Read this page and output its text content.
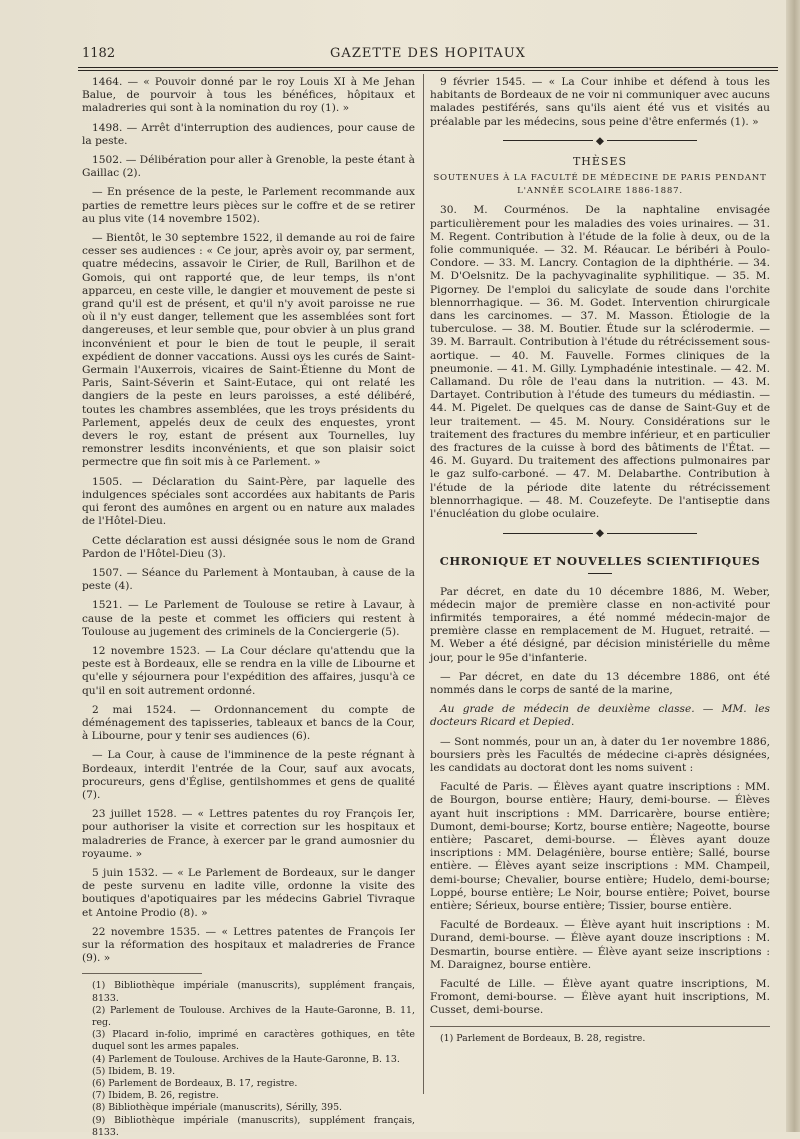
1182	GAZETTE DES HOPITAUX

1464. — « Pouvoir donné par le roy Louis XI à Me Jehan Balue, de pourvoir à tous les bénéfices, hôpitaux et maladreries qui sont à la nomination du roy (1). »

1498. — Arrêt d'interruption des audiences, pour cause de la peste.

1502. — Délibération pour aller à Grenoble, la peste étant à Gaillac (2).

— En présence de la peste, le Parlement recommande aux parties de remettre leurs pièces sur le coffre et de se retirer au plus vite (14 novembre 1502).

— Bientôt, le 30 septembre 1522, il demande au roi de faire cesser ses audiences : « Ce jour, après avoir oy, par serment, quatre médecins, assavoir le Cirier, de Rull, Barilhon et de Gomois, qui ont rapporté que, de leur temps, ils n'ont apparceu, en ceste ville, le dangier et mouvement de peste si grand qu'il est de présent, et qu'il n'y avoit paroisse ne rue où il n'y eust danger, tellement que les assemblées sont fort dangereuses, et leur semble que, pour obvier à un plus grand inconvénient et pour le bien de tout le peuple, il serait expédient de donner vaccations. Aussi oys les curés de Saint-Germain l'Auxerrois, vicaires de Saint-Étienne du Mont de Paris, Saint-Séverin et Saint-Eutace, qui ont relaté les dangiers de la peste en leurs paroisses, a esté délibéré, toutes les chambres assemblées, que les troys présidents du Parlement, appelés deux de ceulx des enquestes, yront devers le roy, estant de présent aux Tournelles, luy remonstrer lesdits inconvénients, et que son plaisir soict permectre que fin soit mis à ce Parlement. »

1505. — Déclaration du Saint-Père, par laquelle des indulgences spéciales sont accordées aux habitants de Paris qui feront des aumônes en argent ou en nature aux malades de l'Hôtel-Dieu.

Cette déclaration est aussi désignée sous le nom de Grand Pardon de l'Hôtel-Dieu (3).

1507. — Séance du Parlement à Montauban, à cause de la peste (4).

1521. — Le Parlement de Toulouse se retire à Lavaur, à cause de la peste et commet les officiers qui restent à Toulouse au jugement des criminels de la Conciergerie (5).

12 novembre 1523. — La Cour déclare qu'attendu que la peste est à Bordeaux, elle se rendra en la ville de Libourne et qu'elle y séjournera pour l'expédition des affaires, jusqu'à ce qu'il en soit autrement ordonné.

2 mai 1524. — Ordonnancement du compte de déménagement des tapisseries, tableaux et bancs de la Cour, à Libourne, pour y tenir ses audiences (6).

— La Cour, à cause de l'imminence de la peste régnant à Bordeaux, interdit l'entrée de la Cour, sauf aux avocats, procureurs, gens d'Église, gentilshommes et gens de qualité (7).

23 juillet 1528. — « Lettres patentes du roy François Ier, pour authoriser la visite et correction sur les hospitaux et maladreries de France, à exercer par le grand aumosnier du royaume. »

5 juin 1532. — « Le Parlement de Bordeaux, sur le danger de peste survenu en ladite ville, ordonne la visite des boutiques d'apotiquaires par les médecins Gabriel Tivraque et Antoine Prodio (8). »

22 novembre 1535. — « Lettres patentes de François Ier sur la réformation des hospitaux et maladreries de France (9). »

(1) Bibliothèque impériale (manuscrits), supplément français, 8133.
(2) Parlement de Toulouse. Archives de la Haute-Garonne, B. 11, reg.
(3) Placard in-folio, imprimé en caractères gothiques, en tête duquel sont les armes papales.
(4) Parlement de Toulouse. Archives de la Haute-Garonne, B. 13.
(5) Ibidem, B. 19.
(6) Parlement de Bordeaux, B. 17, registre.
(7) Ibidem, B. 26, registre.
(8) Bibliothèque impériale (manuscrits), Sérilly, 395.
(9) Bibliothèque impériale (manuscrits), supplément français, 8133.

9 février 1545. — « La Cour inhibe et défend à tous les habitants de Bordeaux de ne voir ni communiquer avec aucuns malades pestiférés, sans qu'ils aient été vus et visités au préalable par les médecins, sous peine d'être enfermés (1). »

◆
THÈSES
SOUTENUES À LA FACULTÉ DE MÉDECINE DE PARIS PENDANT L'ANNÉE SCOLAIRE 1886-1887.

30. M. Courménos. De la naphtaline envisagée particulièrement pour les maladies des voies urinaires. — 31. M. Regent. Contribution à l'étude de la folie à deux, ou de la folie communiquée. — 32. M. Réaucar. Le béribéri à Poulo-Condore. — 33. M. Lancry. Contagion de la diphthérie. — 34. M. D'Oelsnitz. De la pachyvaginalite syphilitique. — 35. M. Pigorney. De l'emploi du salicylate de soude dans l'orchite blennorrhagique. — 36. M. Godet. Intervention chirurgicale dans les carcinomes. — 37. M. Masson. Étiologie de la tuberculose. — 38. M. Boutier. Étude sur la sclérodermie. — 39. M. Barrault. Contribution à l'étude du rétrécissement sous-aortique. — 40. M. Fauvelle. Formes cliniques de la pneumonie. — 41. M. Gilly. Lymphadénie intestinale. — 42. M. Callamand. Du rôle de l'eau dans la nutrition. — 43. M. Dartayet. Contribution à l'étude des tumeurs du médiastin. — 44. M. Pigelet. De quelques cas de danse de Saint-Guy et de leur traitement. — 45. M. Noury. Considérations sur le traitement des fractures du membre inférieur, et en particulier des fractures de la cuisse à bord des bâtiments de l'État. — 46. M. Guyard. Du traitement des affections pulmonaires par le gaz sulfo-carboné. — 47. M. Delabarthe. Contribution à l'étude de la période dite latente du rétrécissement blennorrhagique. — 48. M. Couzefeyte. De l'antiseptie dans l'énucléation du globe oculaire.

◆
CHRONIQUE ET NOUVELLES SCIENTIFIQUES

Par décret, en date du 10 décembre 1886, M. Weber, médecin major de première classe en non-activité pour infirmités temporaires, a été nommé médecin-major de première classe en remplacement de M. Huguet, retraité. — M. Weber a été désigné, par décision ministérielle du même jour, pour le 95e d'infanterie.

— Par décret, en date du 13 décembre 1886, ont été nommés dans le corps de santé de la marine,

Au grade de médecin de deuxième classe. — MM. les docteurs Ricard et Depied.

— Sont nommés, pour un an, à dater du 1er novembre 1886, boursiers près les Facultés de médecine ci-après désignées, les candidats au doctorat dont les noms suivent :

Faculté de Paris. — Élèves ayant quatre inscriptions : MM. de Bourgon, bourse entière; Haury, demi-bourse. — Élèves ayant huit inscriptions : MM. Darricarère, bourse entière; Dumont, demi-bourse; Kortz, bourse entière; Nageotte, bourse entière; Pascaret, demi-bourse. — Élèves ayant douze inscriptions : MM. Delagénière, bourse entière; Sallé, bourse entière. — Élèves ayant seize inscriptions : MM. Champeil, demi-bourse; Chevalier, bourse entière; Hudelo, demi-bourse; Loppé, bourse entière; Le Noir, bourse entière; Poivet, bourse entière; Sérieux, bourse entière; Tissier, bourse entière.

Faculté de Bordeaux. — Élève ayant huit inscriptions : M. Durand, demi-bourse. — Élève ayant douze inscriptions : M. Desmartin, bourse entière. — Élève ayant seize inscriptions : M. Daraignez, bourse entière.

Faculté de Lille. — Élève ayant quatre inscriptions, M. Fromont, demi-bourse. — Élève ayant huit inscriptions, M. Cusset, demi-bourse.

(1) Parlement de Bordeaux, B. 28, registre.
